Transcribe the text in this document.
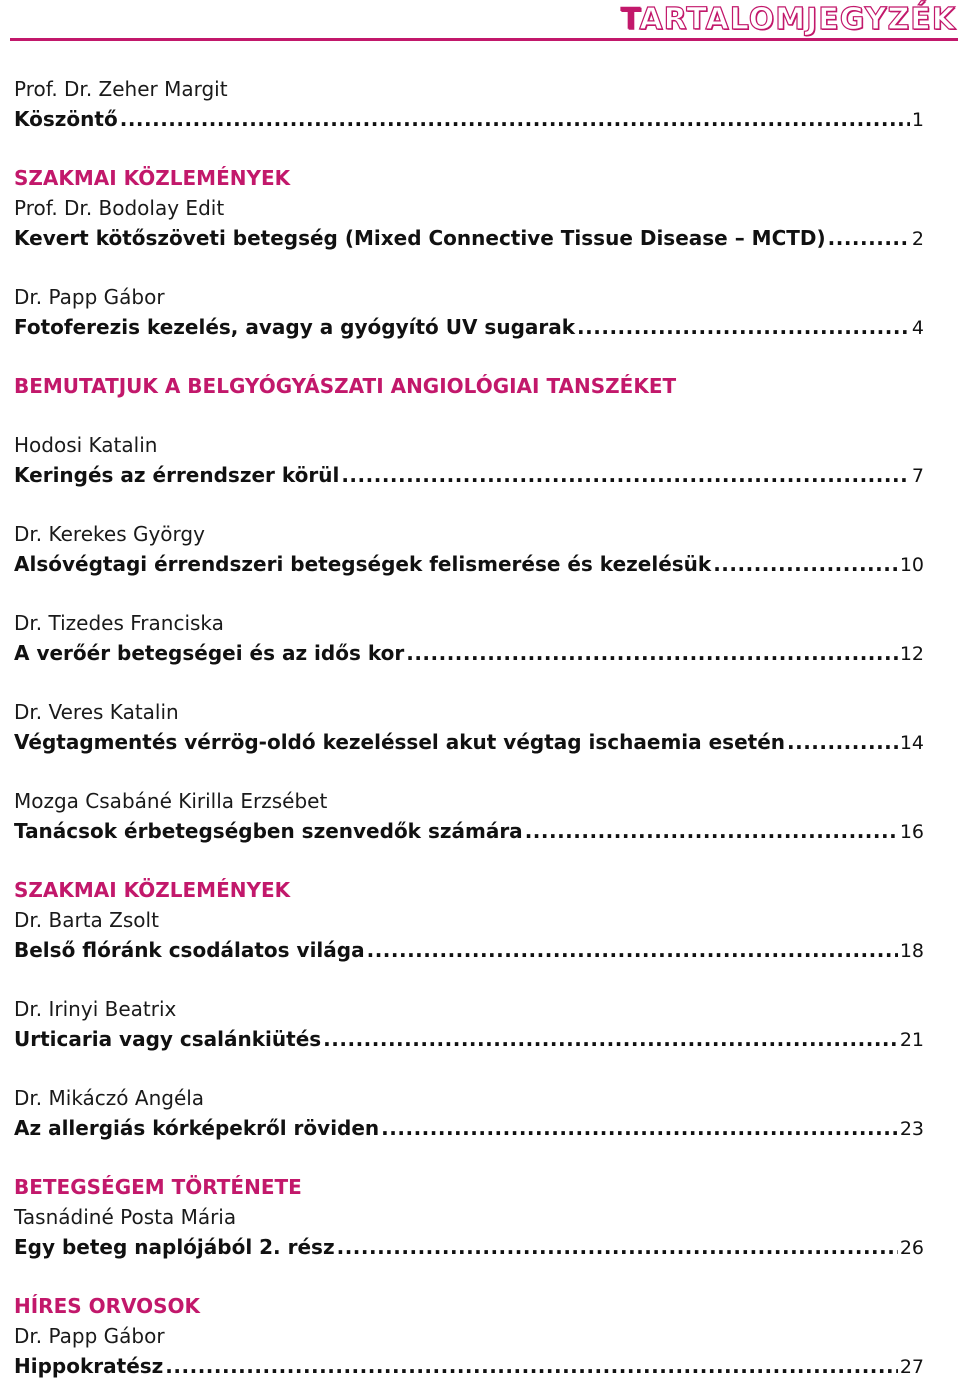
TARTALOMJEGYZÉK
Prof. Dr. Zeher Margit
Köszöntő .....	1
SZAKMAI KÖZLEMÉNYEK
Prof. Dr. Bodolay Edit
Kevert kötőszöveti betegség (Mixed Connective Tissue Disease – MCTD) .....	2
Dr. Papp Gábor
Fotoferezis kezelés, avagy a gyógyító UV sugarak .....	4
BEMUTATJUK A BELGYÓGYÁSZATI ANGIOLÓGIAI TANSZÉKET
Hodosi Katalin
Keringés az érrendszer körül .....	7
Dr. Kerekes György
Alsóvégtagi érrendszeri betegségek felismerése és kezelésük .....	10
Dr. Tizedes Franciska
A verőér betegségei és az idős kor .....	12
Dr. Veres Katalin
Végtagmentés vérrög-oldó kezeléssel akut végtag ischaemia esetén .....	14
Mozga Csabáné Kirilla Erzsébet
Tanácsok érbetegségben szenvedők számára .....	16
SZAKMAI KÖZLEMÉNYEK
Dr. Barta Zsolt
Belső flóránk csodálatos világa .....	18
Dr. Irinyi Beatrix
Urticaria vagy csalánkiütés .....	21
Dr. Mikáczó Angéla
Az allergiás kórképekről röviden .....	23
BETEGSÉGEM TÖRTÉNETE
Tasnádiné Posta Mária
Egy beteg naplójából 2. rész .....	26
HÍRES ORVOSOK
Dr. Papp Gábor
Hippokratész .....	27
